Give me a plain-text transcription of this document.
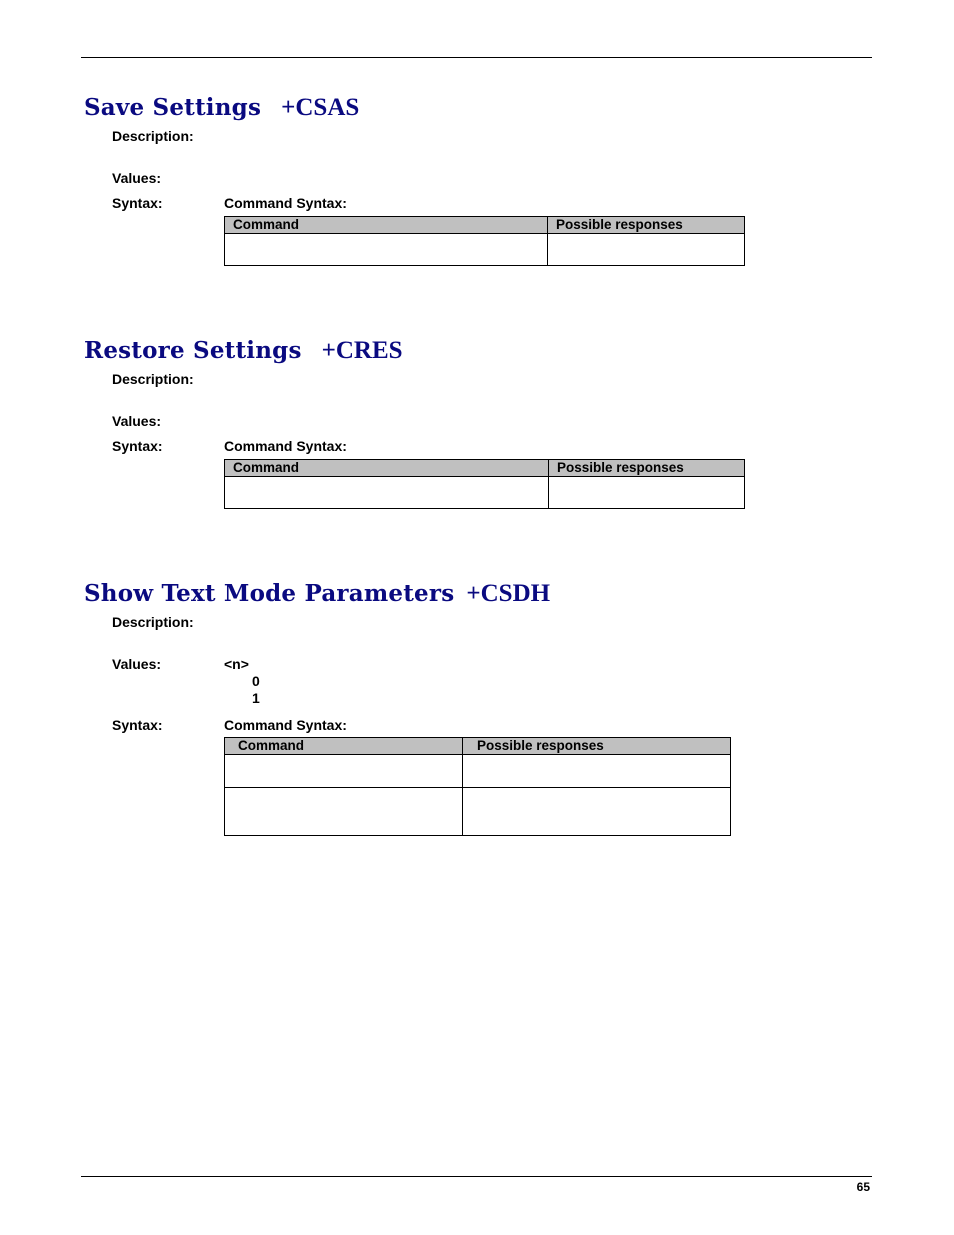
Save Settings +CSAS
Description:
Values:
Syntax:	Command Syntax:
Command	Possible responses

Restore Settings +CRES
Description:
Values:
Syntax:	Command Syntax:
Command	Possible responses

Show Text Mode Parameters +CSDH
Description:
Values:	<n>
0
1
Syntax:	Command Syntax:
Command	Possible responses

65
